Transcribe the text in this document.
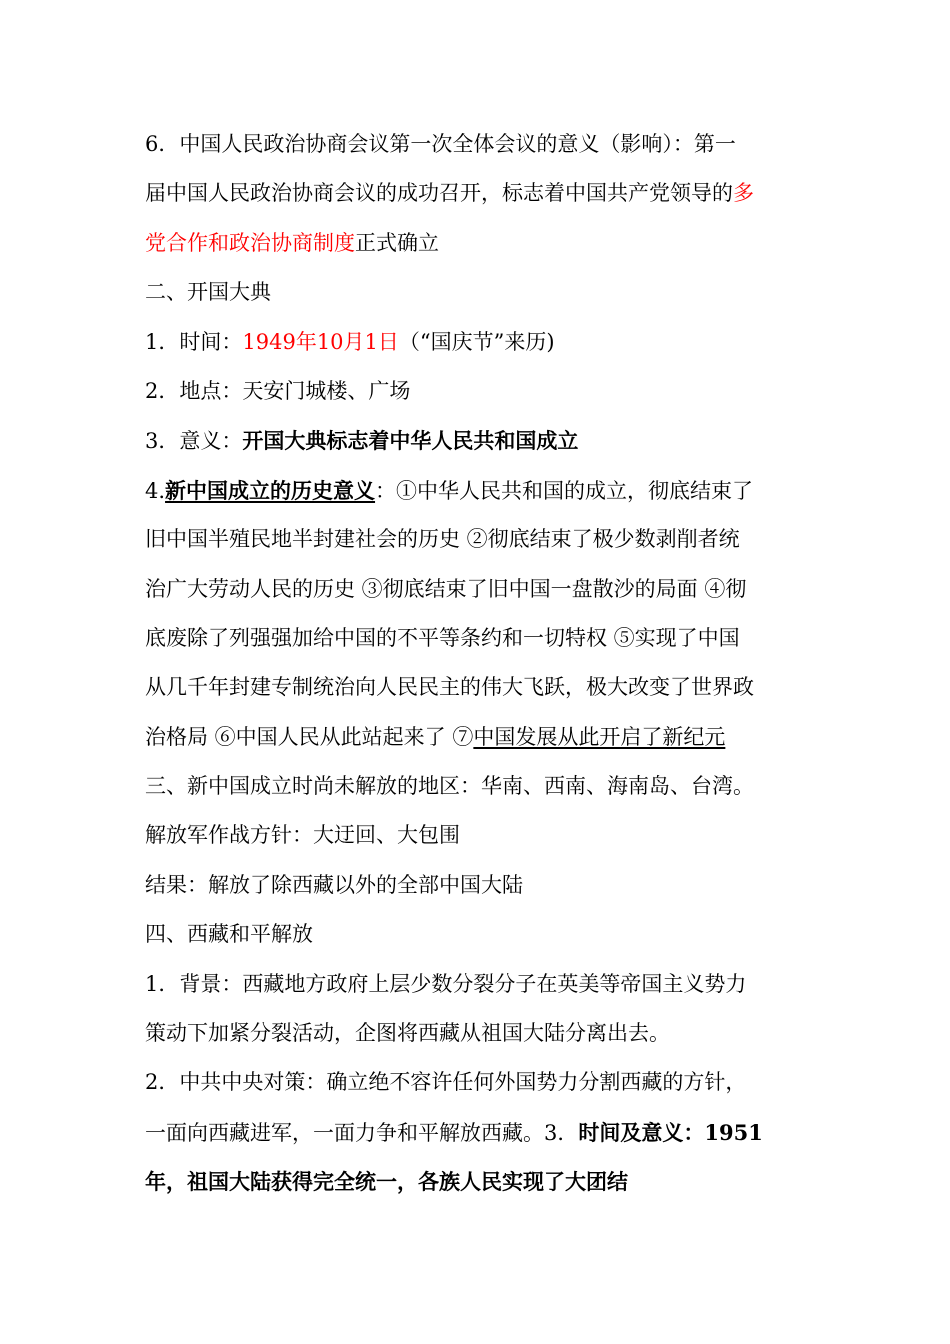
6．中国人民政治协商会议第一次全体会议的意义（影响）：第一
届中国人民政治协商会议的成功召开，标志着中国共产党领导的多
党合作和政治协商制度正式确立
二、开国大典
1．时间：1949年10月1日（“国庆节”来历)
2．地点：天安门城楼、广场
3．意义：开国大典标志着中华人民共和国成立
4.新中国成立的历史意义：①中华人民共和国的成立，彻底结束了
旧中国半殖民地半封建社会的历史 ②彻底结束了极少数剥削者统
治广大劳动人民的历史 ③彻底结束了旧中国一盘散沙的局面 ④彻
底废除了列强强加给中国的不平等条约和一切特权 ⑤实现了中国
从几千年封建专制统治向人民民主的伟大飞跃，极大改变了世界政
治格局 ⑥中国人民从此站起来了 ⑦中国发展从此开启了新纪元
三、新中国成立时尚未解放的地区：华南、西南、海南岛、台湾。
解放军作战方针：大迂回、大包围
结果：解放了除西藏以外的全部中国大陆
四、西藏和平解放
1．背景：西藏地方政府上层少数分裂分子在英美等帝国主义势力
策动下加紧分裂活动，企图将西藏从祖国大陆分离出去。
2．中共中央对策：确立绝不容许任何外国势力分割西藏的方针，
一面向西藏进军，一面力争和平解放西藏。3．时间及意义：1951
年，祖国大陆获得完全统一，各族人民实现了大团结
